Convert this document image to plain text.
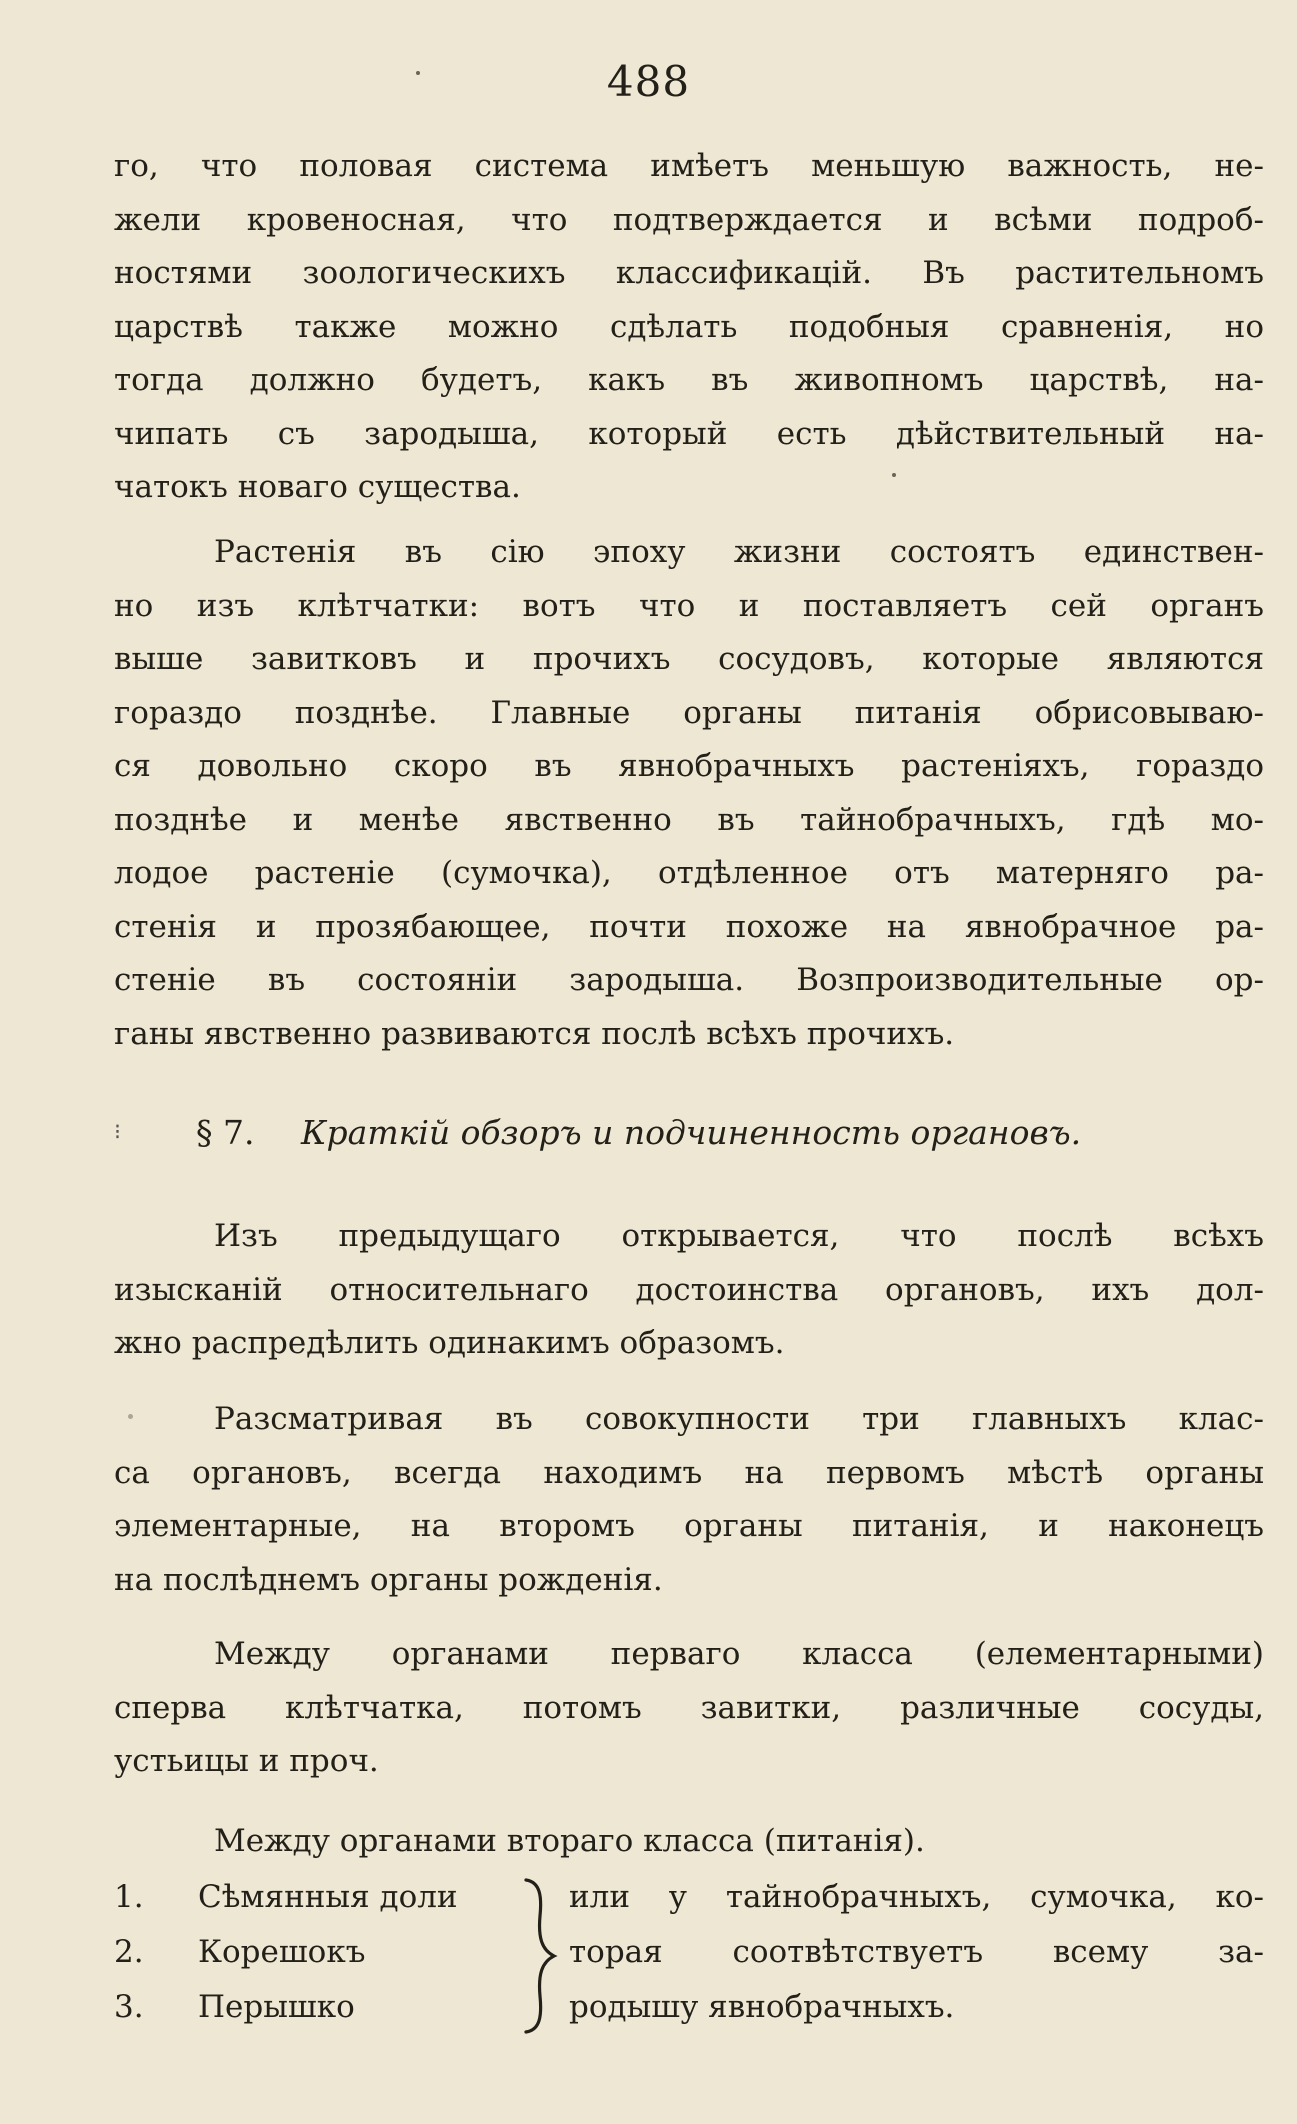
488

го, что половая система имѣетъ меньшую важность, не-
жели кровеносная, что подтверждается и всѣми подроб-
ностями зоологическихъ классификацій. Въ растительномъ
царствѣ также можно сдѣлать подобныя сравненія, но
тогда должно будетъ, какъ въ живопномъ царствѣ, на-
чипать съ зародыша, который есть дѣйствительный на-
чатокъ новаго существа.

Растенія въ сію эпоху жизни состоятъ единствен-
но изъ клѣтчатки: вотъ что и поставляетъ сей органъ
выше завитковъ и прочихъ сосудовъ, которые являются
гораздо позднѣе. Главные органы питанія обрисовываю-
ся довольно скоро въ явнобрачныхъ растеніяхъ, гораздо
позднѣе и менѣе явственно въ тайнобрачныхъ, гдѣ мо-
лодое растеніе (сумочка), отдѣленное отъ матерняго ра-
стенія и прозябающее, почти похоже на явнобрачное ра-
стеніе въ состояніи зародыша. Возпроизводительные ор-
ганы явственно развиваются послѣ всѣхъ прочихъ.

⁝ § 7. Краткій обзоръ и подчиненность органовъ.

Изъ предыдущаго открывается, что послѣ всѣхъ
изысканій относительнаго достоинства органовъ, ихъ дол-
жно распредѣлить одинакимъ образомъ.

Разсматривая въ совокупности три главныхъ клас-
са органовъ, всегда находимъ на первомъ мѣстѣ органы
элементарные, на второмъ органы питанія, и наконецъ
на послѣднемъ органы рожденія.

Между органами перваго класса (елементарными)
сперва клѣтчатка, потомъ завитки, различные сосуды,
устьицы и проч.

Между органами втораго класса (питанія).

1. Сѣмянныя доли
2. Корешокъ
3. Перышко
или у тайнобрачныхъ, сумочка, ко-
торая соотвѣтствуетъ всему за-
родышу явнобрачныхъ.
